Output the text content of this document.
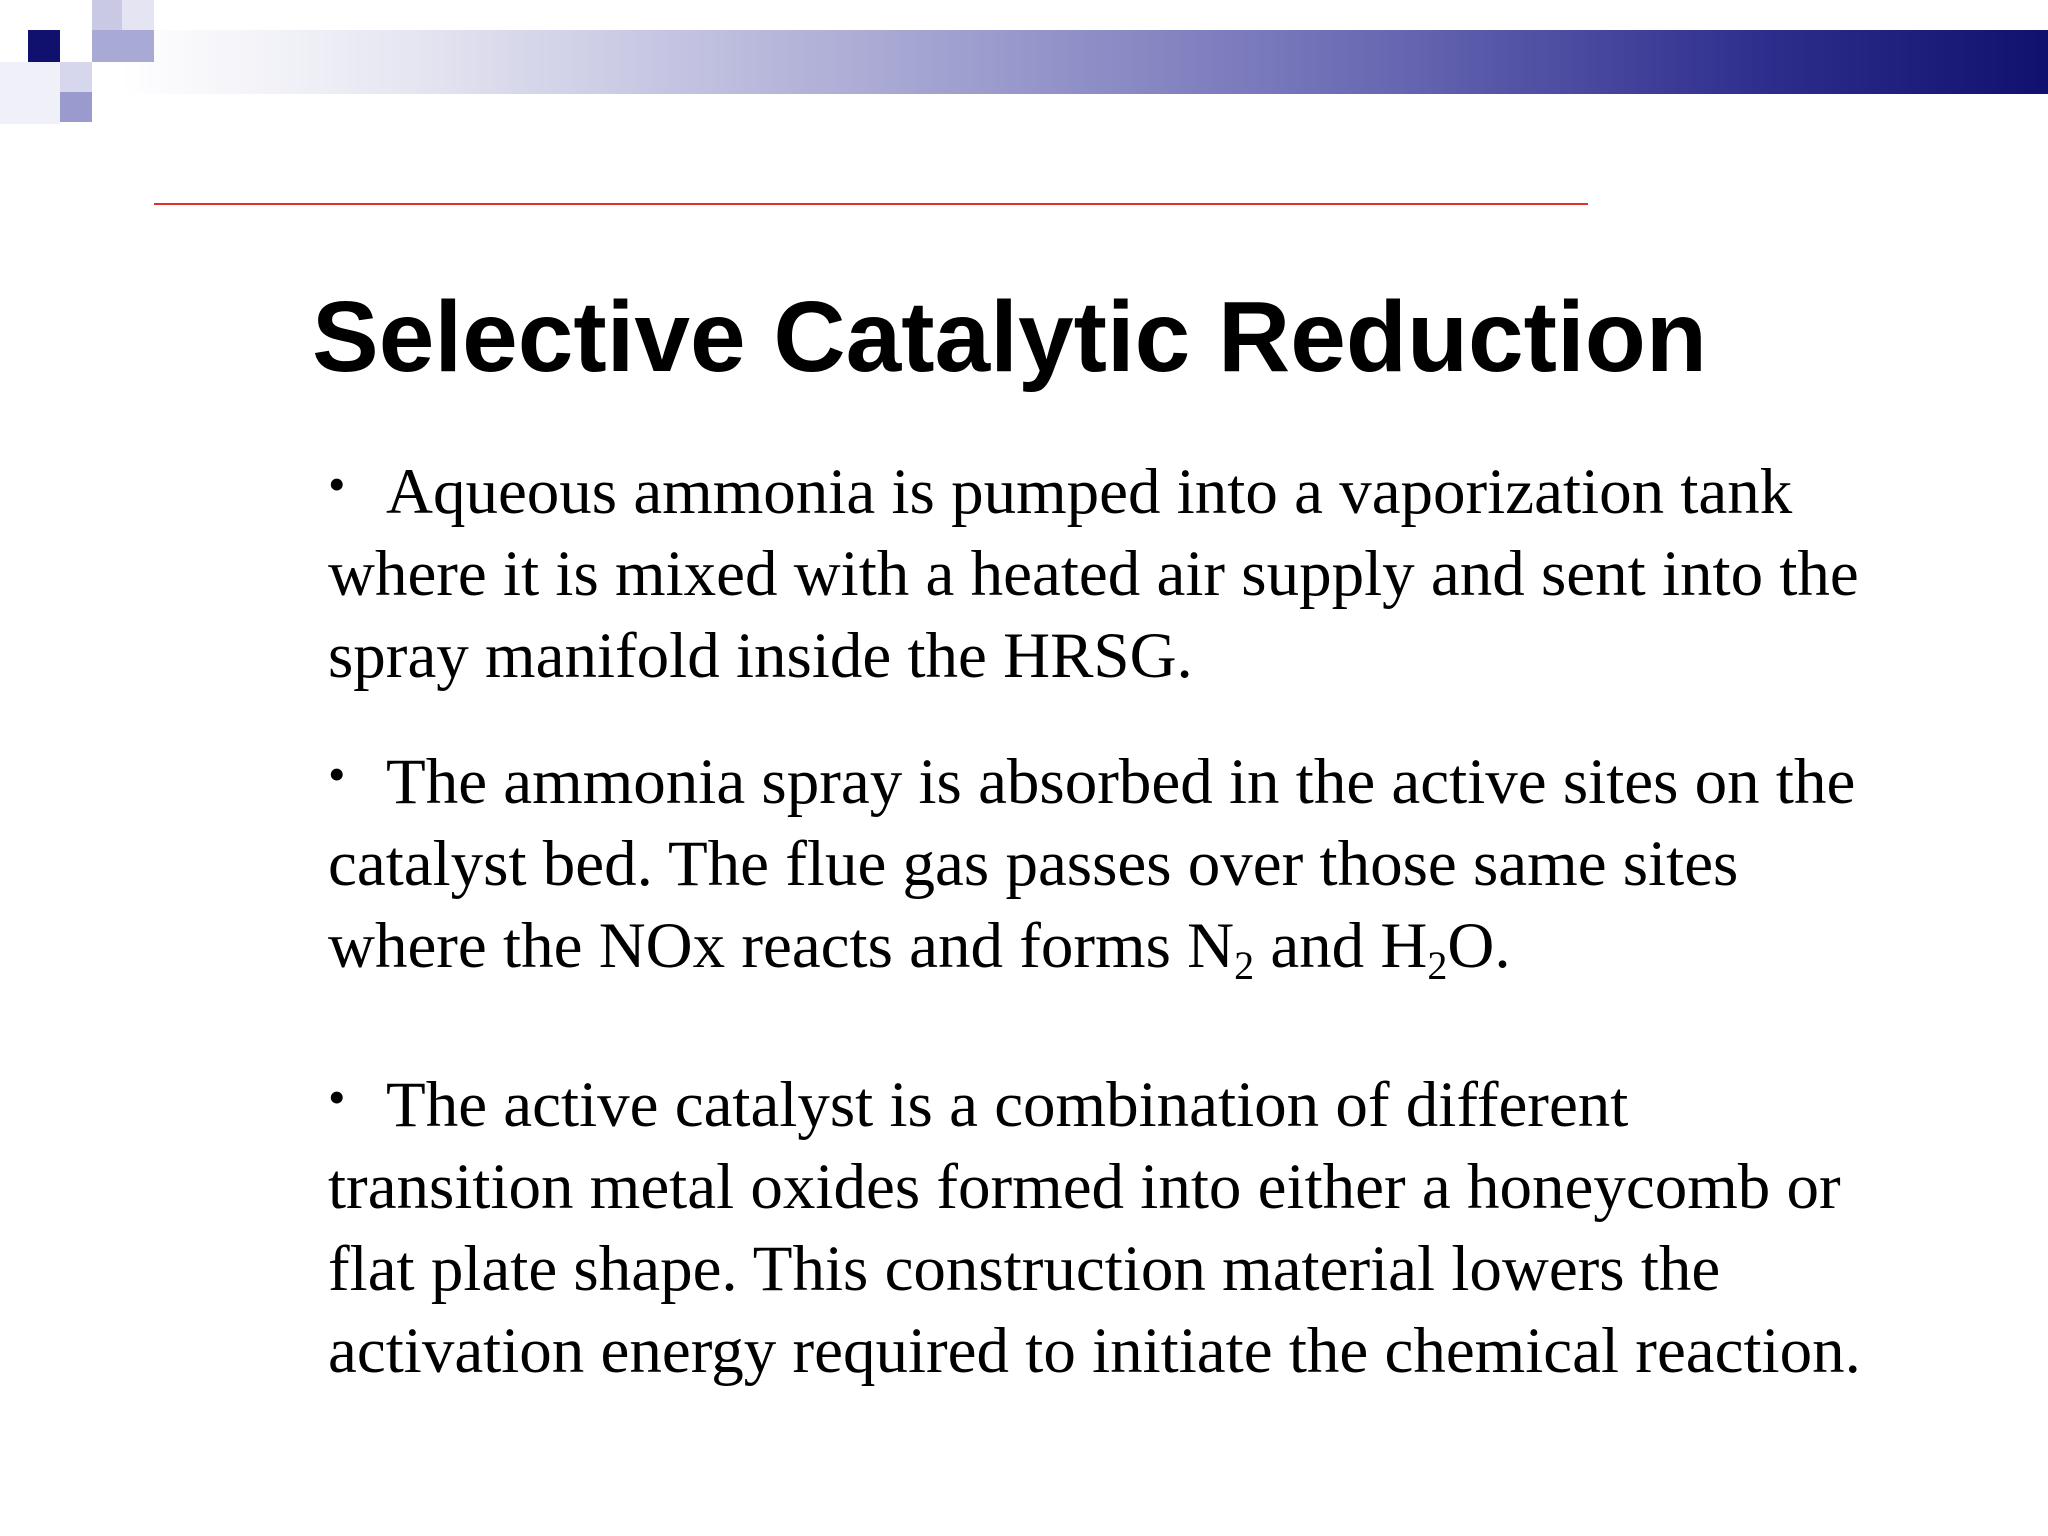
Selective Catalytic Reduction

• Aqueous ammonia is pumped into a vaporization tank where it is mixed with a heated air supply and sent into the spray manifold inside the HRSG.

• The ammonia spray is absorbed in the active sites on the catalyst bed. The flue gas passes over those same sites where the NOx reacts and forms $N_2$ and $H_2O$.

• The active catalyst is a combination of different transition metal oxides formed into either a honeycomb or flat plate shape. This construction material lowers the activation energy required to initiate the chemical reaction.
